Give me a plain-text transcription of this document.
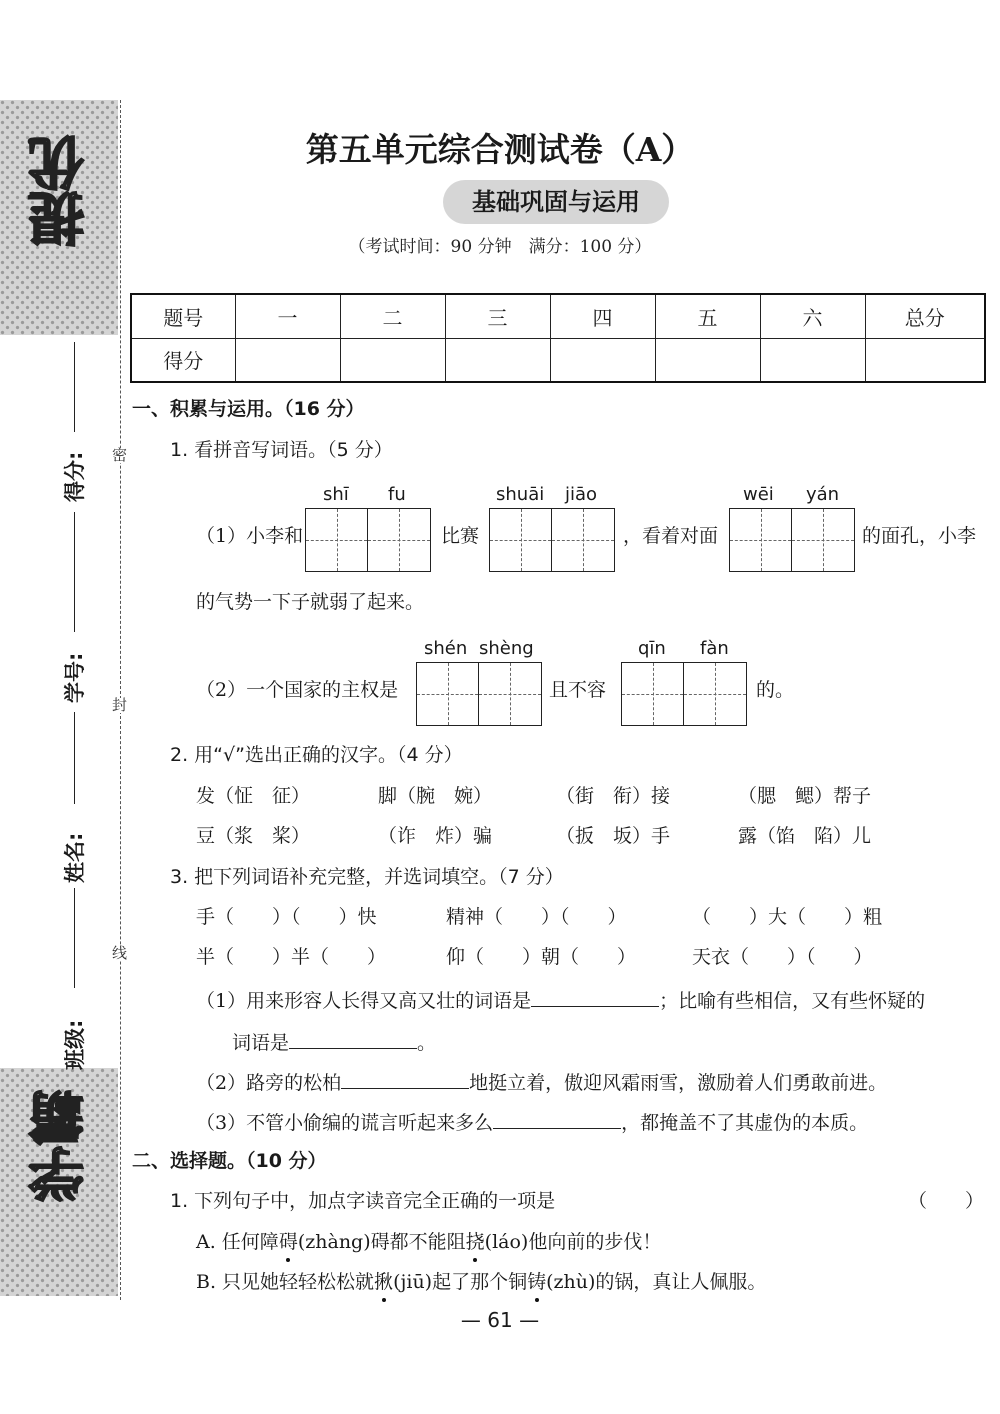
提优
学霸
密
封
线
得分:
学号:
姓名:
班级:
第五单元综合测试卷（A）
基础巩固与运用
（考试时间：90 分钟　满分：100 分）
题号	一	二	三	四	五	六	总分
得分							
一、积累与运用。（16 分）
1. 看拼音写词语。（5 分）
shī fu	shuāi jiāo	wēi yán
（1）小李和	比赛	，看着对面	的面孔，小李
的气势一下子就弱了起来。
shén shèng	qīn fàn
（2）一个国家的主权是	且不容	的。
2. 用“√”选出正确的汉字。（4 分）
发（怔　征）	脚（腕　婉）	（街　衔）接	（腮　鳃）帮子
豆（浆　桨）	（诈　炸）骗	（扳　坂）手	露（馅　陷）儿
3. 把下列词语补充完整，并选词填空。（7 分）
手（　　）（　　）快	精神（　　）（　　）	（　　）大（　　）粗
半（　　）半（　　）	仰（　　）朝（　　）	天衣（　　）（　　）
（1）用来形容人长得又高又壮的词语是	；比喻有些相信，又有些怀疑的
词语是	。
（2）路旁的松柏	地挺立着，傲迎风霜雨雪，激励着人们勇敢前进。
（3）不管小偷编的谎言听起来多么	，都掩盖不了其虚伪的本质。
二、选择题。（10 分）
1. 下列句子中，加点字读音完全正确的一项是	（　　）
A. 任何障碍(zhàng)碍都不能阻挠(láo)他向前的步伐！
B. 只见她轻轻松松就揪(jiū)起了那个铜铸(zhù)的锅，真让人佩服。
— 61 —
